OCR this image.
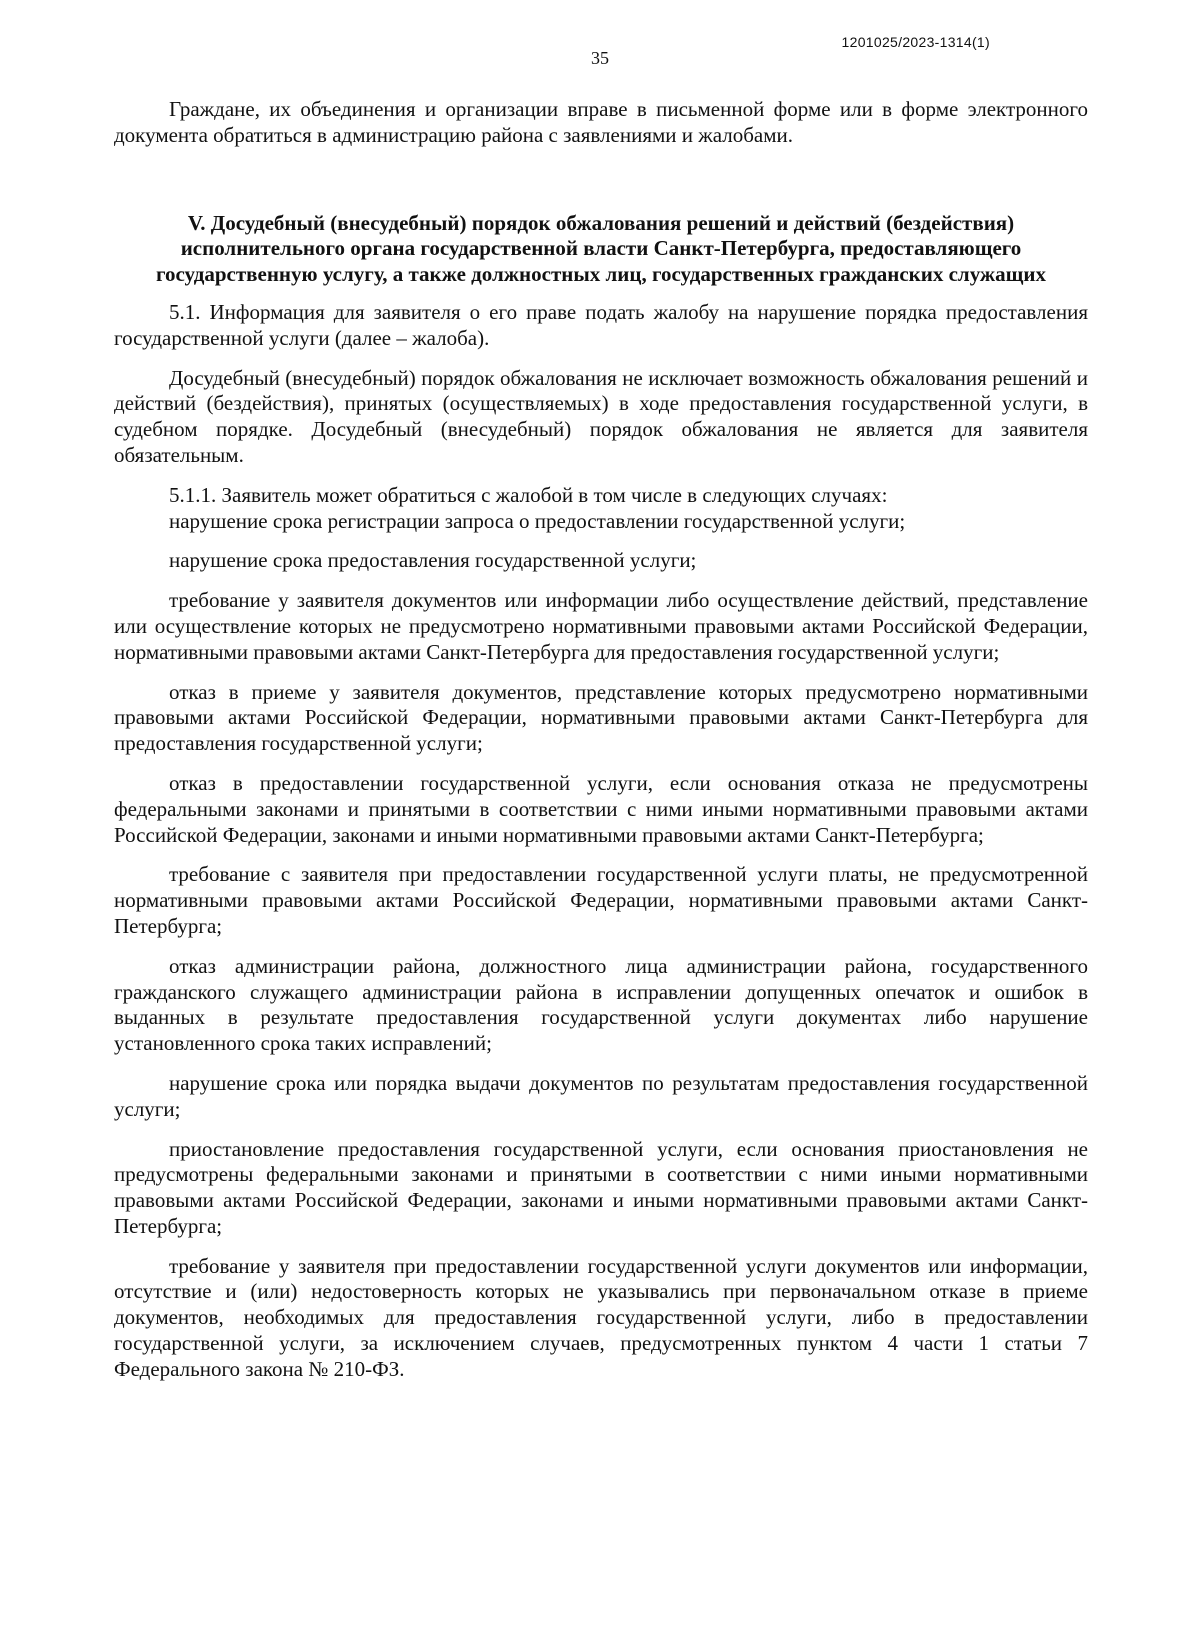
1201025/2023-1314(1)
35

Граждане, их объединения и организации вправе в письменной форме или в форме электронного документа обратиться в администрацию района с заявлениями и жалобами.

V. Досудебный (внесудебный) порядок обжалования решений и действий (бездействия) исполнительного органа государственной власти Санкт-Петербурга, предоставляющего государственную услугу, а также должностных лиц, государственных гражданских служащих

5.1. Информация для заявителя о его праве подать жалобу на нарушение порядка предоставления государственной услуги (далее – жалоба).

Досудебный (внесудебный) порядок обжалования не исключает возможность обжалования решений и действий (бездействия), принятых (осуществляемых) в ходе предоставления государственной услуги, в судебном порядке. Досудебный (внесудебный) порядок обжалования не является для заявителя обязательным.

5.1.1. Заявитель может обратиться с жалобой в том числе в следующих случаях:

нарушение срока регистрации запроса о предоставлении государственной услуги;

нарушение срока предоставления государственной услуги;

требование у заявителя документов или информации либо осуществление действий, представление или осуществление которых не предусмотрено нормативными правовыми актами Российской Федерации, нормативными правовыми актами Санкт-Петербурга для предоставления государственной услуги;

отказ в приеме у заявителя документов, представление которых предусмотрено нормативными правовыми актами Российской Федерации, нормативными правовыми актами Санкт-Петербурга для предоставления государственной услуги;

отказ в предоставлении государственной услуги, если основания отказа не предусмотрены федеральными законами и принятыми в соответствии с ними иными нормативными правовыми актами Российской Федерации, законами и иными нормативными правовыми актами Санкт-Петербурга;

требование с заявителя при предоставлении государственной услуги платы, не предусмотренной нормативными правовыми актами Российской Федерации, нормативными правовыми актами Санкт-Петербурга;

отказ администрации района, должностного лица администрации района, государственного гражданского служащего администрации района в исправлении допущенных опечаток и ошибок в выданных в результате предоставления государственной услуги документах либо нарушение установленного срока таких исправлений;

нарушение срока или порядка выдачи документов по результатам предоставления государственной услуги;

приостановление предоставления государственной услуги, если основания приостановления не предусмотрены федеральными законами и принятыми в соответствии с ними иными нормативными правовыми актами Российской Федерации, законами и иными нормативными правовыми актами Санкт-Петербурга;

требование у заявителя при предоставлении государственной услуги документов или информации, отсутствие и (или) недостоверность которых не указывались при первоначальном отказе в приеме документов, необходимых для предоставления государственной услуги, либо в предоставлении государственной услуги, за исключением случаев, предусмотренных пунктом 4 части 1 статьи 7 Федерального закона № 210-ФЗ.
